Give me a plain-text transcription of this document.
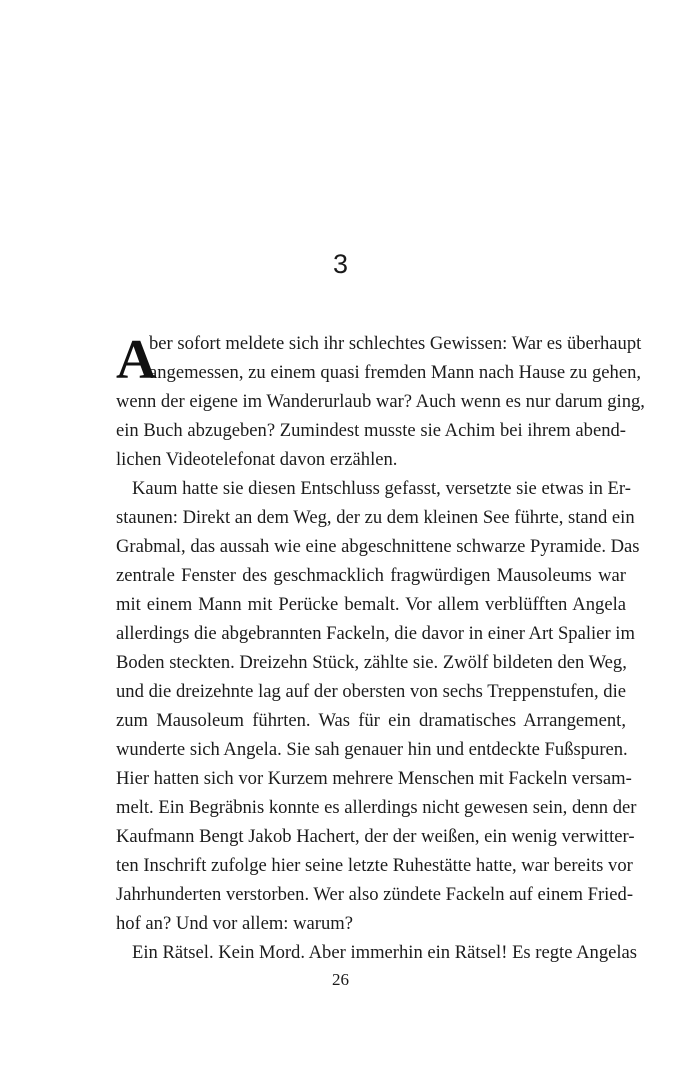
3
A
ber sofort meldete sich ihr schlechtes Gewissen: War es überhaupt
angemessen, zu einem quasi fremden Mann nach Hause zu gehen,
wenn der eigene im Wanderurlaub war? Auch wenn es nur darum ging,
ein Buch abzugeben? Zumindest musste sie Achim bei ihrem abend-
lichen Videotelefonat davon erzählen.
Kaum hatte sie diesen Entschluss gefasst, versetzte sie etwas in Er-
staunen: Direkt an dem Weg, der zu dem kleinen See führte, stand ein
Grabmal, das aussah wie eine abgeschnittene schwarze Pyramide. Das
zentrale Fenster des geschmacklich fragwürdigen Mausoleums war
mit einem Mann mit Perücke bemalt. Vor allem verblüfften Angela
allerdings die abgebrannten Fackeln, die davor in einer Art Spalier im
Boden steckten. Dreizehn Stück, zählte sie. Zwölf bildeten den Weg,
und die dreizehnte lag auf der obersten von sechs Treppenstufen, die
zum Mausoleum führten. Was für ein dramatisches Arrangement,
wunderte sich Angela. Sie sah genauer hin und entdeckte Fußspuren.
Hier hatten sich vor Kurzem mehrere Menschen mit Fackeln versam-
melt. Ein Begräbnis konnte es allerdings nicht gewesen sein, denn der
Kaufmann Bengt Jakob Hachert, der der weißen, ein wenig verwitter-
ten Inschrift zufolge hier seine letzte Ruhestätte hatte, war bereits vor
Jahrhunderten verstorben. Wer also zündete Fackeln auf einem Fried-
hof an? Und vor allem: warum?
Ein Rätsel. Kein Mord. Aber immerhin ein Rätsel! Es regte Angelas
26
